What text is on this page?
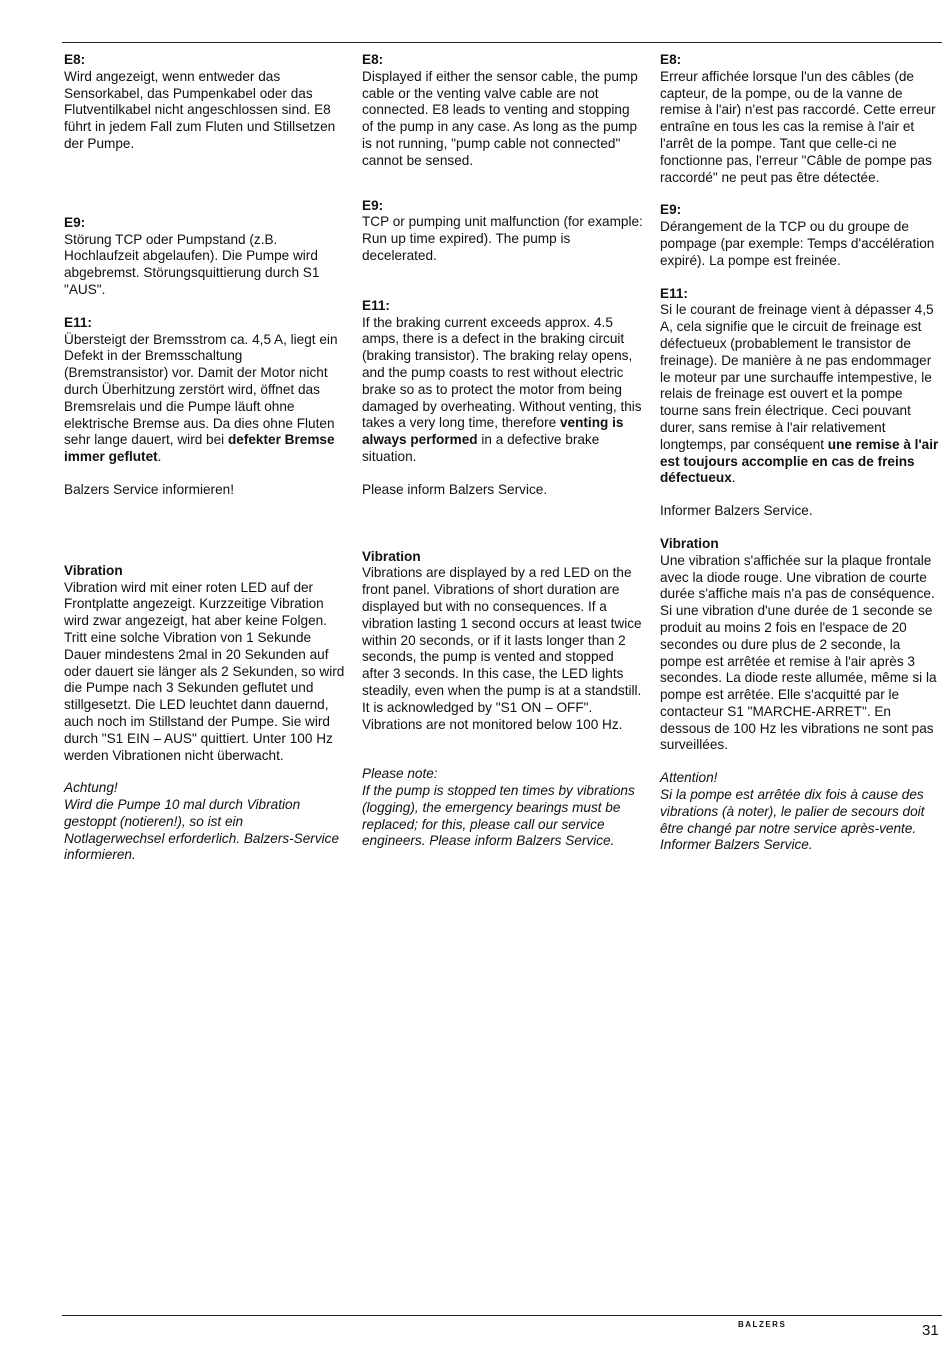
E8:

Wird angezeigt, wenn entweder das Sensorkabel, das Pumpenkabel oder das Flutventilkabel nicht angeschlossen sind. E8 führt in jedem Fall zum Fluten und Stillsetzen der Pumpe.

E9:

Störung TCP oder Pumpstand (z.B. Hochlaufzeit abgelaufen). Die Pumpe wird abgebremst. Störungsquittierung durch S1 "AUS".

E11:

Übersteigt der Bremsstrom ca. 4,5 A, liegt ein Defekt in der Bremsschaltung (Bremstransistor) vor. Damit der Motor nicht durch Überhitzung zerstört wird, öffnet das Bremsrelais und die Pumpe läuft ohne elektrische Bremse aus. Da dies ohne Fluten sehr lange dauert, wird bei defekter Bremse immer geflutet.

Balzers Service informieren!

Vibration

Vibration wird mit einer roten LED auf der Frontplatte angezeigt. Kurzzeitige Vibration wird zwar angezeigt, hat aber keine Folgen. Tritt eine solche Vibration von 1 Sekunde Dauer mindestens 2mal in 20 Sekunden auf oder dauert sie länger als 2 Sekunden, so wird die Pumpe nach 3 Sekunden geflutet und stillgesetzt. Die LED leuchtet dann dauernd, auch noch im Stillstand der Pumpe. Sie wird durch "S1 EIN – AUS" quittiert. Unter 100 Hz werden Vibrationen nicht überwacht.

Achtung!

Wird die Pumpe 10 mal durch Vibration gestoppt (notieren!), so ist ein Notlagerwechsel erforderlich. Balzers-Service informieren.

E8:

Displayed if either the sensor cable, the pump cable or the venting valve cable are not connected. E8 leads to venting and stopping of the pump in any case. As long as the pump is not running, "pump cable not connected" cannot be sensed.

E9:

TCP or pumping unit malfunction (for example: Run up time expired). The pump is decelerated.

E11:

If the braking current exceeds approx. 4.5 amps, there is a defect in the braking circuit (braking transistor). The braking relay opens, and the pump coasts to rest without electric brake so as to protect the motor from being damaged by overheating. Without venting, this takes a very long time, therefore venting is always performed in a defective brake situation.

Please inform Balzers Service.

Vibration

Vibrations are displayed by a red LED on the front panel. Vibrations of short duration are displayed but with no consequences. If a vibration lasting 1 second occurs at least twice within 20 seconds, or if it lasts longer than 2 seconds, the pump is vented and stopped after 3 seconds. In this case, the LED lights steadily, even when the pump is at a standstill. It is acknowledged by "S1 ON – OFF". Vibrations are not monitored below 100 Hz.

Please note:

If the pump is stopped ten times by vibrations (logging), the emergency bearings must be replaced; for this, please call our service engineers. Please inform Balzers Service.

E8:

Erreur affichée lorsque l'un des câbles (de capteur, de la pompe, ou de la vanne de remise à l'air) n'est pas raccordé. Cette erreur entraîne en tous les cas la remise à l'air et l'arrêt de la pompe. Tant que celle-ci ne fonctionne pas, l'erreur "Câble de pompe pas raccordé" ne peut pas être détectée.

E9:

Dérangement de la TCP ou du groupe de pompage (par exemple: Temps d'accélération expiré). La pompe est freinée.

E11:

Si le courant de freinage vient à dépasser 4,5 A, cela signifie que le circuit de freinage est défectueux (probablement le transistor de freinage). De manière à ne pas endommager le moteur par une surchauffe intempestive, le relais de freinage est ouvert et la pompe tourne sans frein électrique. Ceci pouvant durer, sans remise à l'air relativement longtemps, par conséquent une remise à l'air est toujours accomplie en cas de freins défectueux.

Informer Balzers Service.

Vibration

Une vibration s'affichée sur la plaque frontale avec la diode rouge. Une vibration de courte durée s'affiche mais n'a pas de conséquence. Si une vibration d'une durée de 1 seconde se produit au moins 2 fois en l'espace de 20 secondes ou dure plus de 2 seconde, la pompe est arrêtée et remise à l'air après 3 secondes. La diode reste allumée, même si la pompe est arrêtée. Elle s'acquitté par le contacteur S1 "MARCHE-ARRET". En dessous de 100 Hz les vibrations ne sont pas surveillées.

Attention!

Si la pompe est arrêtée dix fois à cause des vibrations (à noter), le palier de secours doit être changé par notre service après-vente. Informer Balzers Service.

BALZERS	31
